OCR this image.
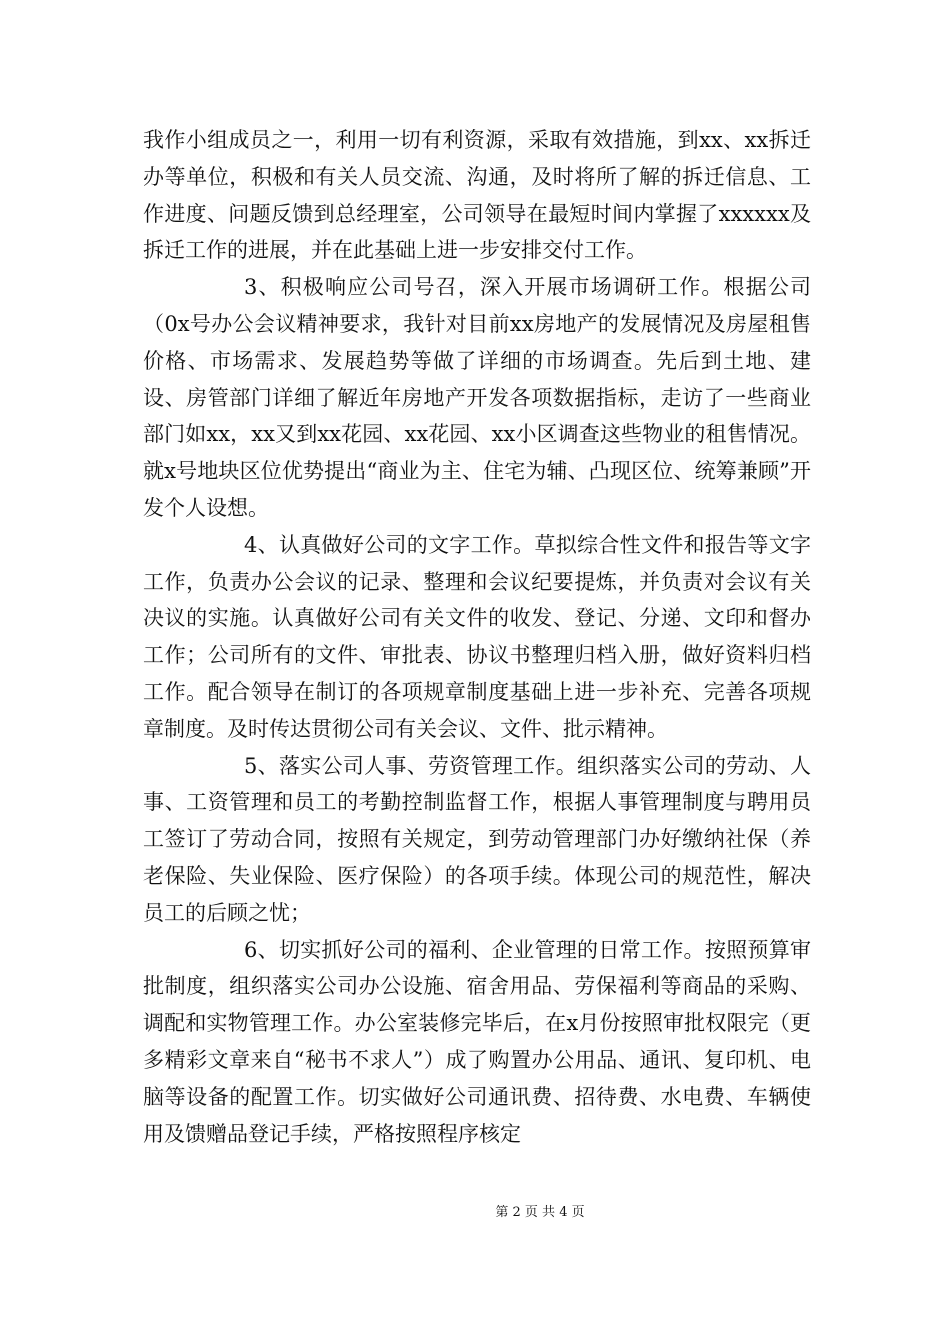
我作小组成员之一，利用一切有利资源，采取有效措施，到xx、xx拆迁办等单位，积极和有关人员交流、沟通，及时将所了解的拆迁信息、工作进度、问题反馈到总经理室，公司领导在最短时间内掌握了xxxxxx及拆迁工作的进展，并在此基础上进一步安排交付工作。

3、积极响应公司号召，深入开展市场调研工作。根据公司（0x号办公会议精神要求，我针对目前xx房地产的发展情况及房屋租售价格、市场需求、发展趋势等做了详细的市场调查。先后到土地、建设、房管部门详细了解近年房地产开发各项数据指标，走访了一些商业部门如xx，xx又到xx花园、xx花园、xx小区调查这些物业的租售情况。就x号地块区位优势提出“商业为主、住宅为辅、凸现区位、统筹兼顾”开发个人设想。

4、认真做好公司的文字工作。草拟综合性文件和报告等文字工作，负责办公会议的记录、整理和会议纪要提炼，并负责对会议有关决议的实施。认真做好公司有关文件的收发、登记、分递、文印和督办工作；公司所有的文件、审批表、协议书整理归档入册，做好资料归档工作。配合领导在制订的各项规章制度基础上进一步补充、完善各项规章制度。及时传达贯彻公司有关会议、文件、批示精神。

5、落实公司人事、劳资管理工作。组织落实公司的劳动、人事、工资管理和员工的考勤控制监督工作，根据人事管理制度与聘用员工签订了劳动合同，按照有关规定，到劳动管理部门办好缴纳社保（养老保险、失业保险、医疗保险）的各项手续。体现公司的规范性，解决员工的后顾之忧；

6、切实抓好公司的福利、企业管理的日常工作。按照预算审批制度，组织落实公司办公设施、宿舍用品、劳保福利等商品的采购、调配和实物管理工作。办公室装修完毕后，在x月份按照审批权限完（更多精彩文章来自“秘书不求人”）成了购置办公用品、通讯、复印机、电脑等设备的配置工作。切实做好公司通讯费、招待费、水电费、车辆使用及馈赠品登记手续，严格按照程序核定

第 2 页 共 4 页
